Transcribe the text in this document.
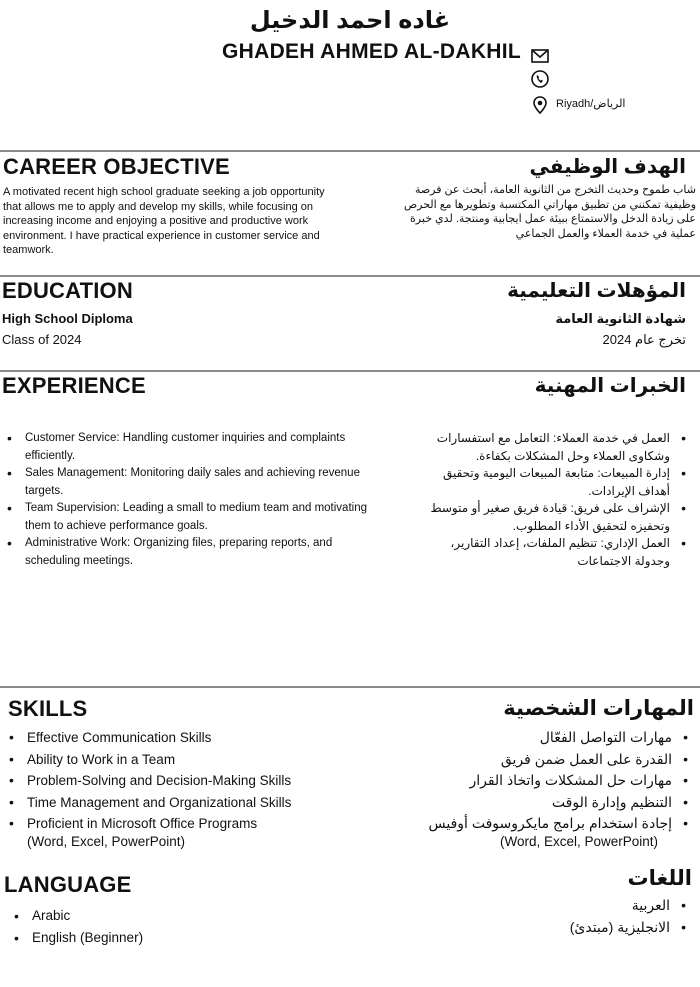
غاده احمد الدخيل
GHADEH AHMED AL-DAKHIL
Riyadh/الرياض
CAREER OBJECTIVE	الهدف الوظيفي
A motivated recent high school graduate seeking a job opportunity that allows me to apply and develop my skills, while focusing on increasing income and enjoying a positive and productive work environment. I have practical experience in customer service and teamwork.
شاب طموح وحديث التخرج من الثانوية العامة، أبحث عن فرصة وظيفية تمكنني من تطبيق مهاراتي المكتسبة وتطويرها مع الحرص على زيادة الدخل والاستمتاع ببيئة عمل ايجابية ومنتجة. لدي خبرة عملية في خدمة العملاء والعمل الجماعي
EDUCATION	المؤهلات التعليمية
High School Diploma
Class of 2024
شهادة الثانوية العامة
تخرج عام 2024
EXPERIENCE	الخبرات المهنية
• Customer Service: Handling customer inquiries and complaints efficiently.
• Sales Management: Monitoring daily sales and achieving revenue targets.
• Team Supervision: Leading a small to medium team and motivating them to achieve performance goals.
• Administrative Work: Organizing files, preparing reports, and scheduling meetings.
• العمل في خدمة العملاء: التعامل مع استفسارات وشكاوى العملاء وحل المشكلات بكفاءة.
• إدارة المبيعات: متابعة المبيعات اليومية وتحقيق أهداف الإيرادات.
• الإشراف على فريق: قيادة فريق صغير أو متوسط وتحفيزه لتحقيق الأداء المطلوب.
• العمل الإداري: تنظيم الملفات، إعداد التقارير، وجدولة الاجتماعات
SKILLS	المهارات الشخصية
• Effective Communication Skills
• Ability to Work in a Team
• Problem-Solving and Decision-Making Skills
• Time Management and Organizational Skills
• Proficient in Microsoft Office Programs
(Word, Excel, PowerPoint)
• مهارات التواصل الفعّال
• القدرة على العمل ضمن فريق
• مهارات حل المشكلات واتخاذ القرار
• التنظيم وإدارة الوقت
• إجادة استخدام برامج مايكروسوفت أوفيس
(Word, Excel, PowerPoint)
LANGUAGE	اللغات
• Arabic
• English (Beginner)
• العربية
• الانجليزية (مبتدئ)
